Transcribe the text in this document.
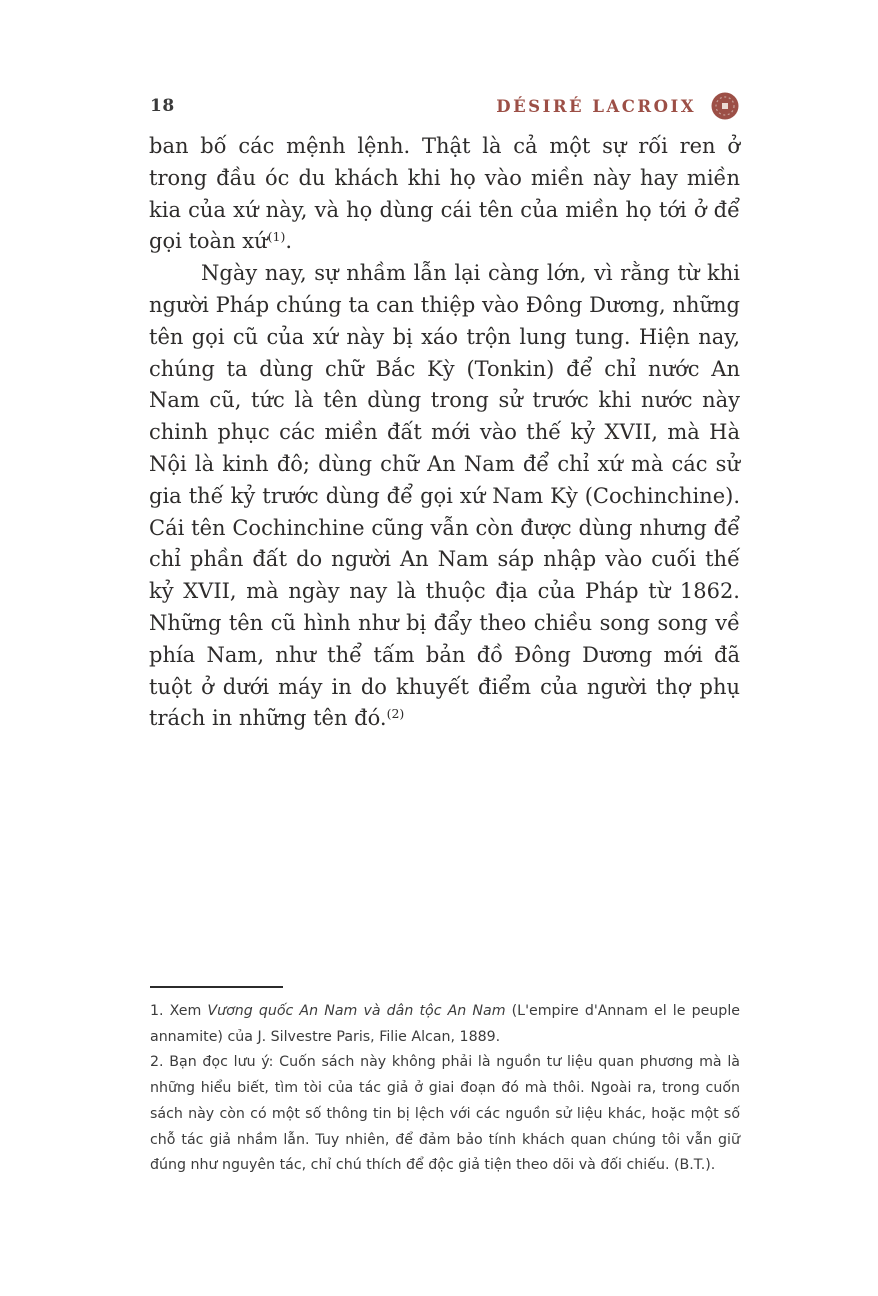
18	DÉSIRÉ LACROIX

ban bố các mệnh lệnh. Thật là cả một sự rối ren ở trong đầu óc du khách khi họ vào miền này hay miền kia của xứ này, và họ dùng cái tên của miền họ tới ở để gọi toàn xứ$^{(1)}$.

Ngày nay, sự nhầm lẫn lại càng lớn, vì rằng từ khi người Pháp chúng ta can thiệp vào Đông Dương, những tên gọi cũ của xứ này bị xáo trộn lung tung. Hiện nay, chúng ta dùng chữ Bắc Kỳ (Tonkin) để chỉ nước An Nam cũ, tức là tên dùng trong sử trước khi nước này chinh phục các miền đất mới vào thế kỷ XVII, mà Hà Nội là kinh đô; dùng chữ An Nam để chỉ xứ mà các sử gia thế kỷ trước dùng để gọi xứ Nam Kỳ (Cochinchine). Cái tên Cochinchine cũng vẫn còn được dùng nhưng để chỉ phần đất do người An Nam sáp nhập vào cuối thế kỷ XVII, mà ngày nay là thuộc địa của Pháp từ 1862. Những tên cũ hình như bị đẩy theo chiều song song về phía Nam, như thể tấm bản đồ Đông Dương mới đã tuột ở dưới máy in do khuyết điểm của người thợ phụ trách in những tên đó.$^{(2)}$

1. Xem Vương quốc An Nam và dân tộc An Nam (L'empire d'Annam el le peuple annamite) của J. Silvestre Paris, Filie Alcan, 1889.

2. Bạn đọc lưu ý: Cuốn sách này không phải là nguồn tư liệu quan phương mà là những hiểu biết, tìm tòi của tác giả ở giai đoạn đó mà thôi. Ngoài ra, trong cuốn sách này còn có một số thông tin bị lệch với các nguồn sử liệu khác, hoặc một số chỗ tác giả nhầm lẫn. Tuy nhiên, để đảm bảo tính khách quan chúng tôi vẫn giữ đúng như nguyên tác, chỉ chú thích để độc giả tiện theo dõi và đối chiếu. (B.T.).
